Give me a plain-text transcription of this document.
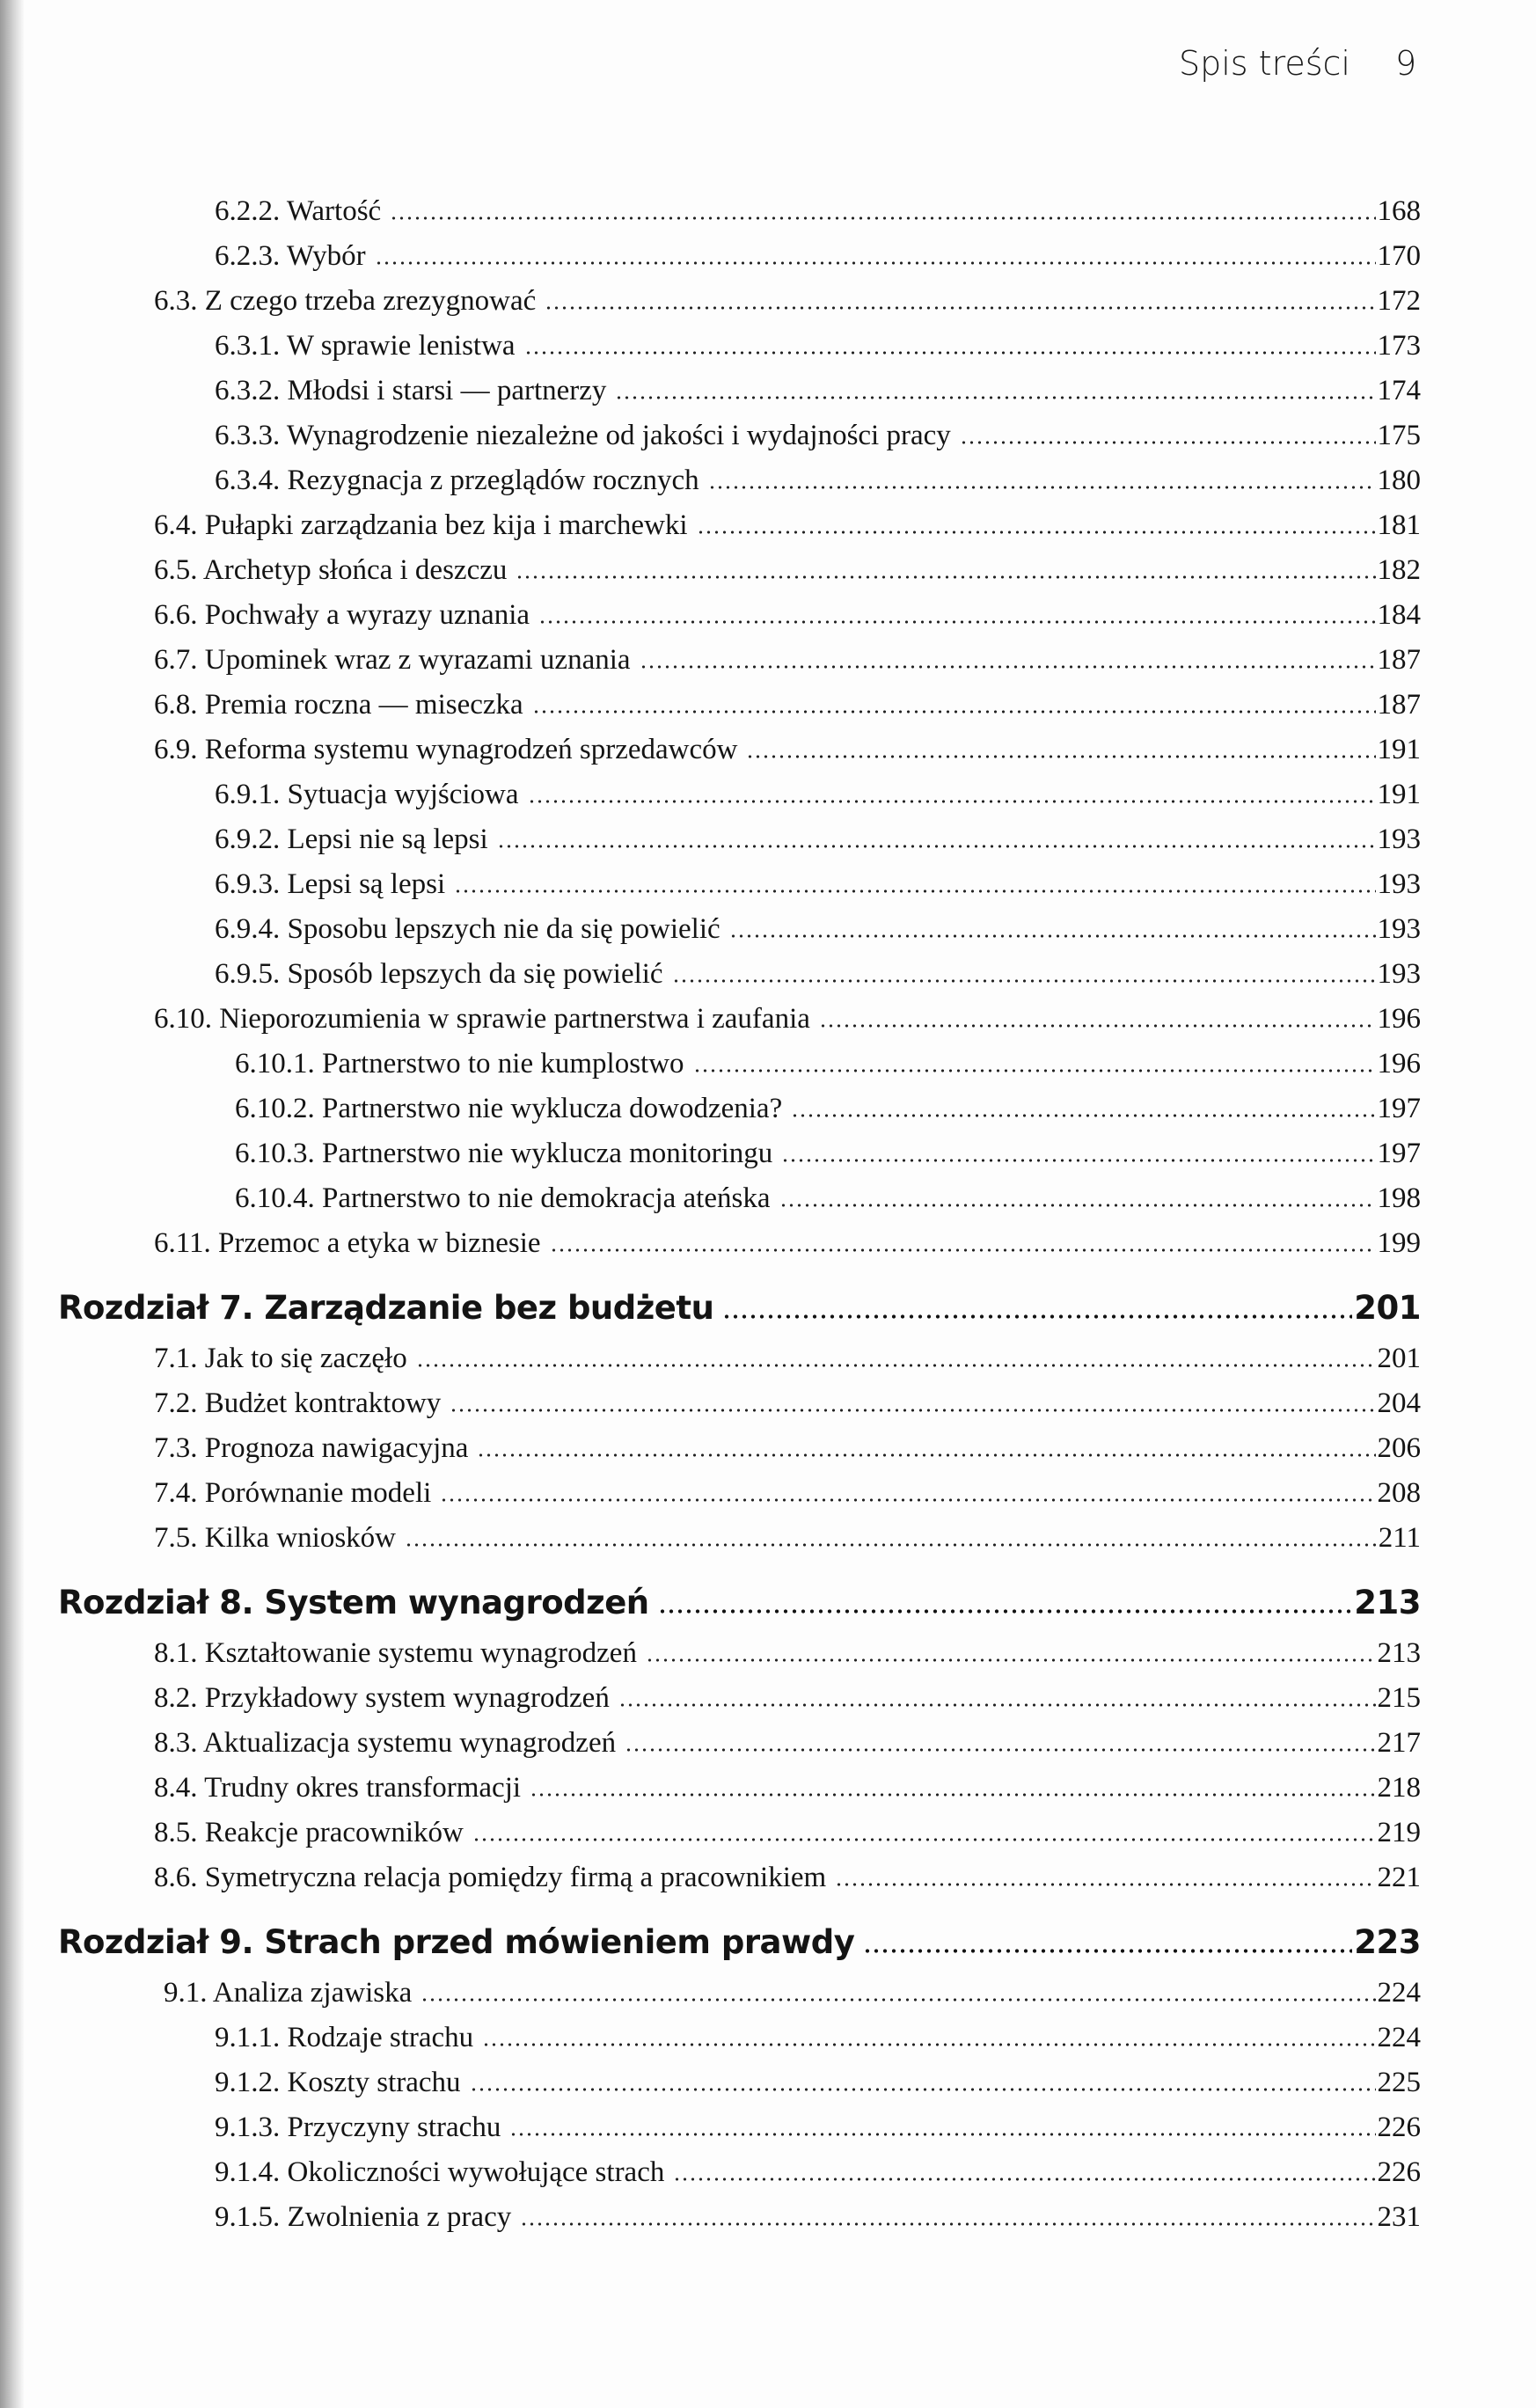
Spis treści 9
6.2.2. Wartość	168
6.2.3. Wybór	170
6.3. Z czego trzeba zrezygnować	172
6.3.1. W sprawie lenistwa	173
6.3.2. Młodsi i starsi — partnerzy	174
6.3.3. Wynagrodzenie niezależne od jakości i wydajności pracy	175
6.3.4. Rezygnacja z przeglądów rocznych	180
6.4. Pułapki zarządzania bez kija i marchewki	181
6.5. Archetyp słońca i deszczu	182
6.6. Pochwały a wyrazy uznania	184
6.7. Upominek wraz z wyrazami uznania	187
6.8. Premia roczna — miseczka	187
6.9. Reforma systemu wynagrodzeń sprzedawców	191
6.9.1. Sytuacja wyjściowa	191
6.9.2. Lepsi nie są lepsi	193
6.9.3. Lepsi są lepsi	193
6.9.4. Sposobu lepszych nie da się powielić	193
6.9.5. Sposób lepszych da się powielić	193
6.10. Nieporozumienia w sprawie partnerstwa i zaufania	196
6.10.1. Partnerstwo to nie kumplostwo	196
6.10.2. Partnerstwo nie wyklucza dowodzenia?	197
6.10.3. Partnerstwo nie wyklucza monitoringu	197
6.10.4. Partnerstwo to nie demokracja ateńska	198
6.11. Przemoc a etyka w biznesie	199
Rozdział 7. Zarządzanie bez budżetu	201
7.1. Jak to się zaczęło	201
7.2. Budżet kontraktowy	204
7.3. Prognoza nawigacyjna	206
7.4. Porównanie modeli	208
7.5. Kilka wniosków	211
Rozdział 8. System wynagrodzeń	213
8.1. Kształtowanie systemu wynagrodzeń	213
8.2. Przykładowy system wynagrodzeń	215
8.3. Aktualizacja systemu wynagrodzeń	217
8.4. Trudny okres transformacji	218
8.5. Reakcje pracowników	219
8.6. Symetryczna relacja pomiędzy firmą a pracownikiem	221
Rozdział 9. Strach przed mówieniem prawdy	223
9.1. Analiza zjawiska	224
9.1.1. Rodzaje strachu	224
9.1.2. Koszty strachu	225
9.1.3. Przyczyny strachu	226
9.1.4. Okoliczności wywołujące strach	226
9.1.5. Zwolnienia z pracy	231
